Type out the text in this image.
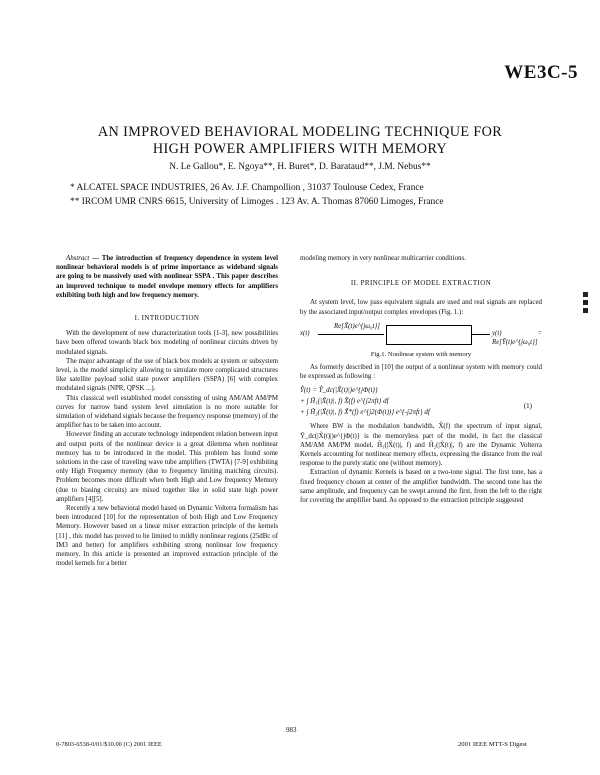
WE3C-5
AN IMPROVED BEHAVIORAL MODELING TECHNIQUE FOR
HIGH POWER AMPLIFIERS WITH MEMORY
N. Le Gallou*, E. Ngoya**, H. Buret*, D. Barataud**, J.M. Nebus**
* ALCATEL SPACE INDUSTRIES, 26 Av. J.F. Champollion , 31037 Toulouse Cedex, France
** IRCOM UMR CNRS 6615, University of Limoges . 123 Av. A. Thomas 87060 Limoges, France

Abstract — The introduction of frequency dependence in system level nonlinear behavioral models is of prime importance as wideband signals are going to be massively used with nonlinear SSPA . This paper describes an improved technique to model envelope memory effects for amplifiers exhibiting both high and low frequency memory.

I. INTRODUCTION

With the development of new characterization tools [1-3], new possibilities have been offered towards black box modeling of nonlinear circuits driven by modulated signals.

The major advantage of the use of black box models at system or subsystem level, is the model simplicity allowing to simulate more complicated structures like satellite payload solid state power amplifiers (SSPA) [6] with complex modulated signals (NPR, QPSK ...).

This classical well established model consisting of using AM/AM AM/PM curves for narrow band system level simulation is no more suitable for simulation of wideband signals because the frequency response (memory) of the amplifier has to be taken into account.

However finding an accurate technology independent relation between input and output ports of the nonlinear device is a great dilemma when nonlinear memory has to be introduced in the model. This problem has found some solutions in the case of traveling wave tube amplifiers (TWTA) [7-9] exhibiting only High Frequency memory (due to frequency limiting matching circuits). Problem becomes more difficult when both High and Low frequency Memory (due to biasing circuits) are mixed together like in solid state high power amplifiers [4][5].

Recently a new behavioral model based on Dynamic Volterra formalism has been introduced [10] for the representation of both High and Low Frequency Memory. However based on a linear mixer extraction principle of the kernels [11] , this model has proved to be limited to mildly nonlinear regions (25dBc of IM3 and better) for amplifiers exhibiting strong nonlinear low frequency memory. In this article is presented an improved extraction principle of the model kernels for a better

modeling memory in very nonlinear multicarrier conditions.

II. PRINCIPLE OF MODEL EXTRACTION

At system level, low pass equivalent signals are used and real signals are replaced by the associated input/output complex envelopes (Fig. 1.):

x(t)
Re[X̃(t)e^{jω₀t}]
y(t) = Re[Ỹ(t)e^{jω₀t}]
Fig.1. Nonlinear system with memory

As formerly described in [10] the output of a nonlinear system with memory could be expressed as following :

Ỹ(t) = Ỹ_dc(|X̃(t)|)e^{jΦ(t)}
+ ∫ H̃₁(|X̃(t)|, f) X̃(f) e^{j2πft} df
+ ∫ H̃₂(|X̃(t)|, f) X̃*(f) e^{j2(Φ(t))} e^{-j2πft} df
(1)

Where BW is the modulation bandwidth, X̃(f) the spectrum of input signal, Ỹ_dc(|X̃(t)|)e^{jΦ(t)} is the memoryless part of the model, in fact the classical AM/AM AM/PM model, H̃₁(|X̃(t)|, f) and H̃₂(|X̃(t)|, f) are the Dynamic Volterra Kernels accounting for nonlinear memory effects, expressing the distance from the real response to the purely static one (without memory).

Extraction of dynamic Kernels is based on a two-tone signal. The first tone, has a fixed frequency chosen at center of the amplifier bandwidth. The second tone has the same amplitude, and frequency can be swept around the first, from the left to the right for covering the amplifier band. As opposed to the extraction principle suggested

983
0-7803-6538-0/01/$10.00 (C) 2001 IEEE	2001 IEEE MTT-S Digest
